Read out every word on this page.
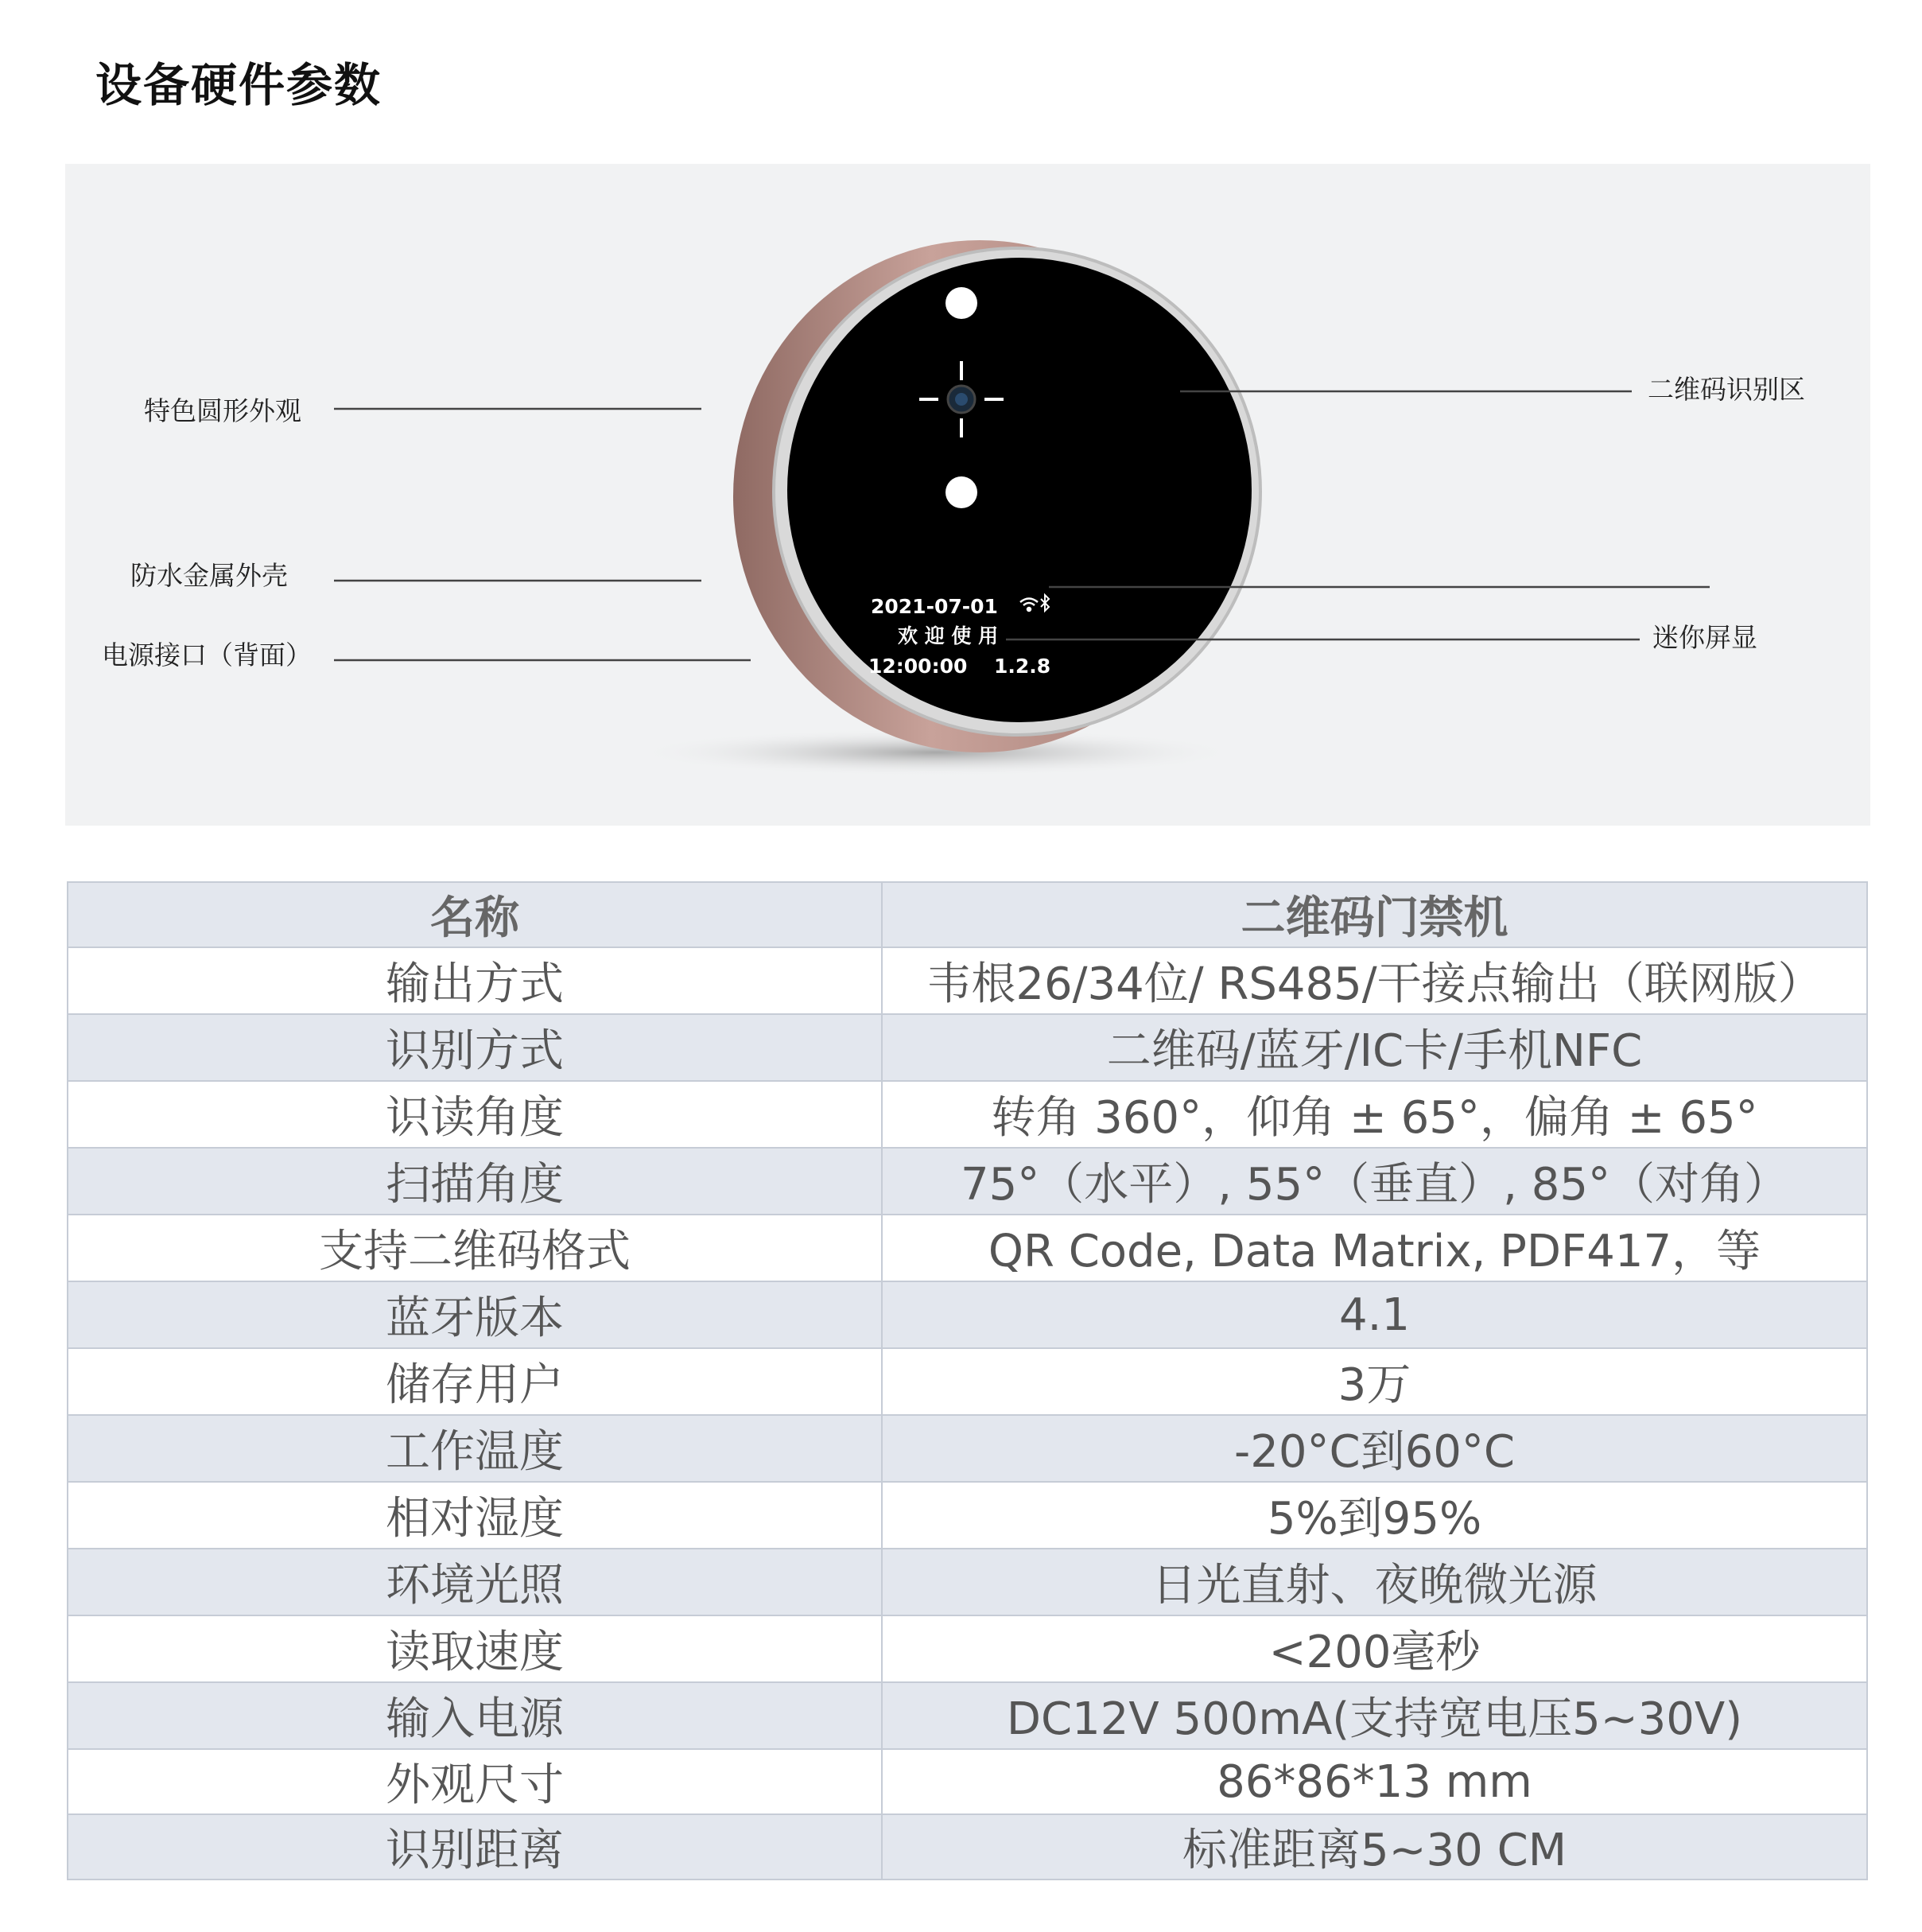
设备硬件参数
2021-07-01
欢 迎 使 用
12:00:00 1.2.8
特色圆形外观
防水金属外壳
电源接口（背面）
二维码识别区
迷你屏显
名称	二维码门禁机
输出方式	韦根26/34位/ RS485/干接点输出（联网版）
识别方式	二维码/蓝牙/IC卡/手机NFC
识读角度	转角 360°，仰角 ± 65°，偏角 ± 65°
扫描角度	75°（水平）, 55°（垂直）, 85°（对角）
支持二维码格式	QR Code, Data Matrix, PDF417，等
蓝牙版本	4.1
储存用户	3万
工作温度	-20°C到60°C
相对湿度	5%到95%
环境光照	日光直射、夜晚微光源
读取速度	<200毫秒
输入电源	DC12V 500mA(支持宽电压5~30V)
外观尺寸	86*86*13 mm
识别距离	标准距离5~30 CM
